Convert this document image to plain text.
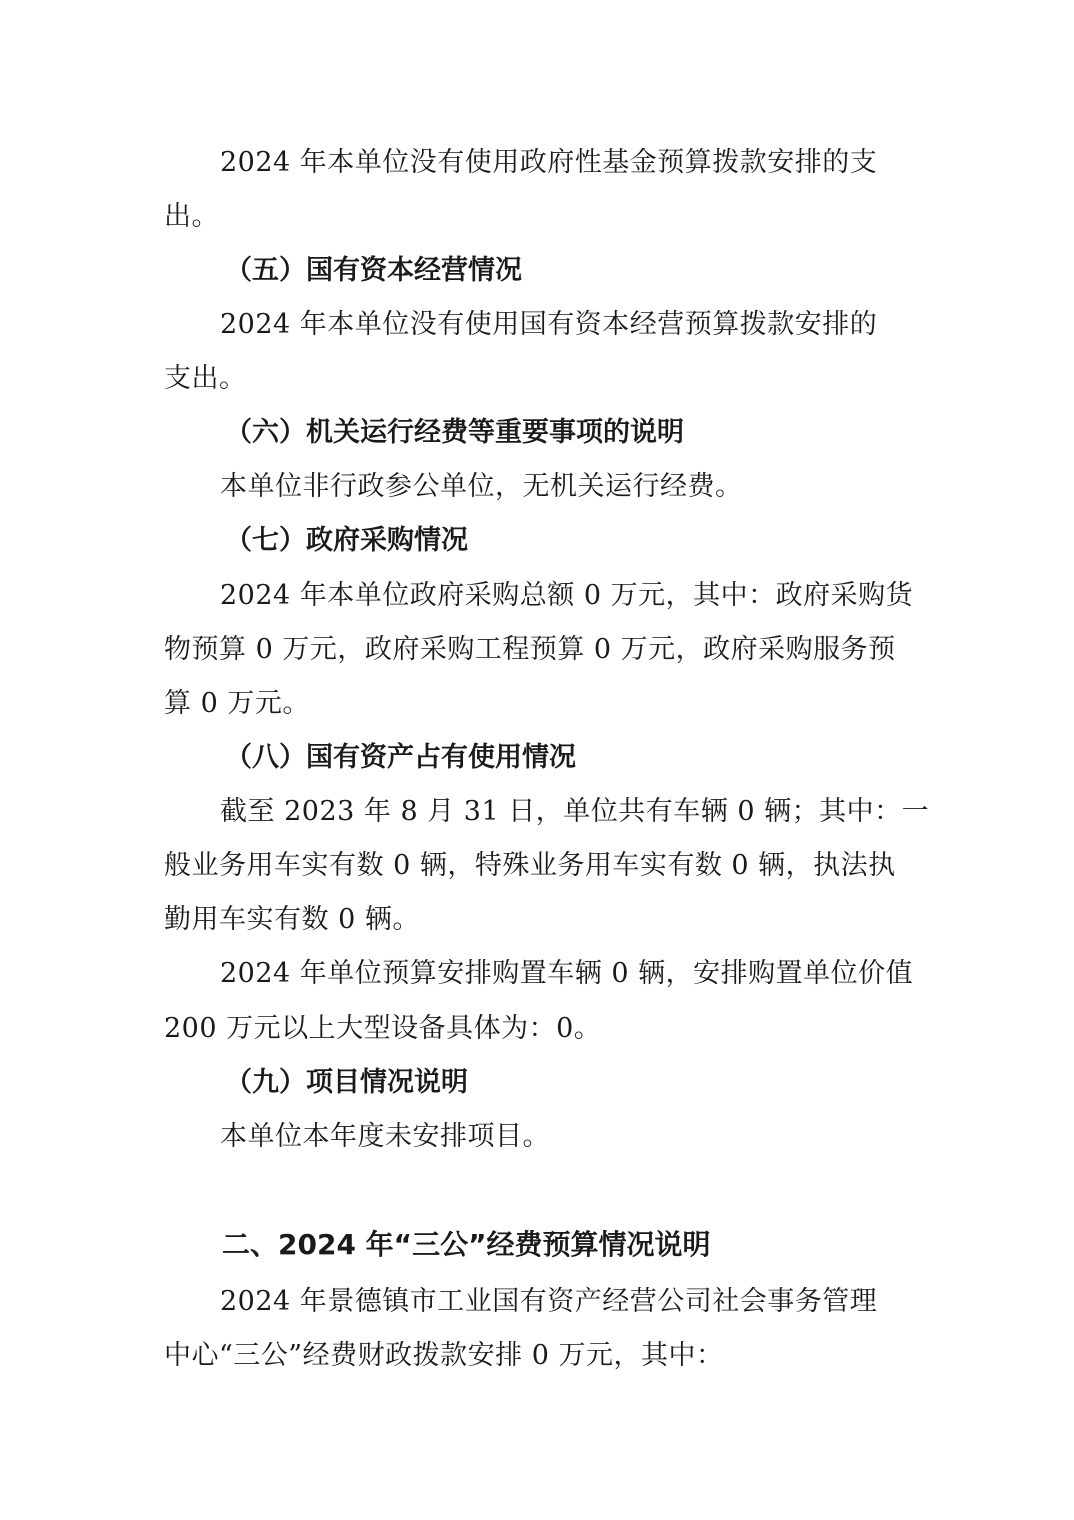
2024 年本单位没有使用政府性基金预算拨款安排的支
出。
（五）国有资本经营情况
2024 年本单位没有使用国有资本经营预算拨款安排的
支出。
（六）机关运行经费等重要事项的说明
本单位非行政参公单位，无机关运行经费。
（七）政府采购情况
2024 年本单位政府采购总额 0 万元，其中：政府采购货
物预算 0 万元，政府采购工程预算 0 万元，政府采购服务预
算 0 万元。
（八）国有资产占有使用情况
截至 2023 年 8 月 31 日，单位共有车辆 0 辆；其中：一
般业务用车实有数 0 辆，特殊业务用车实有数 0 辆，执法执
勤用车实有数 0 辆。
2024 年单位预算安排购置车辆 0 辆，安排购置单位价值
200 万元以上大型设备具体为：0。
（九）项目情况说明
本单位本年度未安排项目。
二、2024 年“三公”经费预算情况说明
2024 年景德镇市工业国有资产经营公司社会事务管理
中心“三公”经费财政拨款安排 0 万元，其中：
